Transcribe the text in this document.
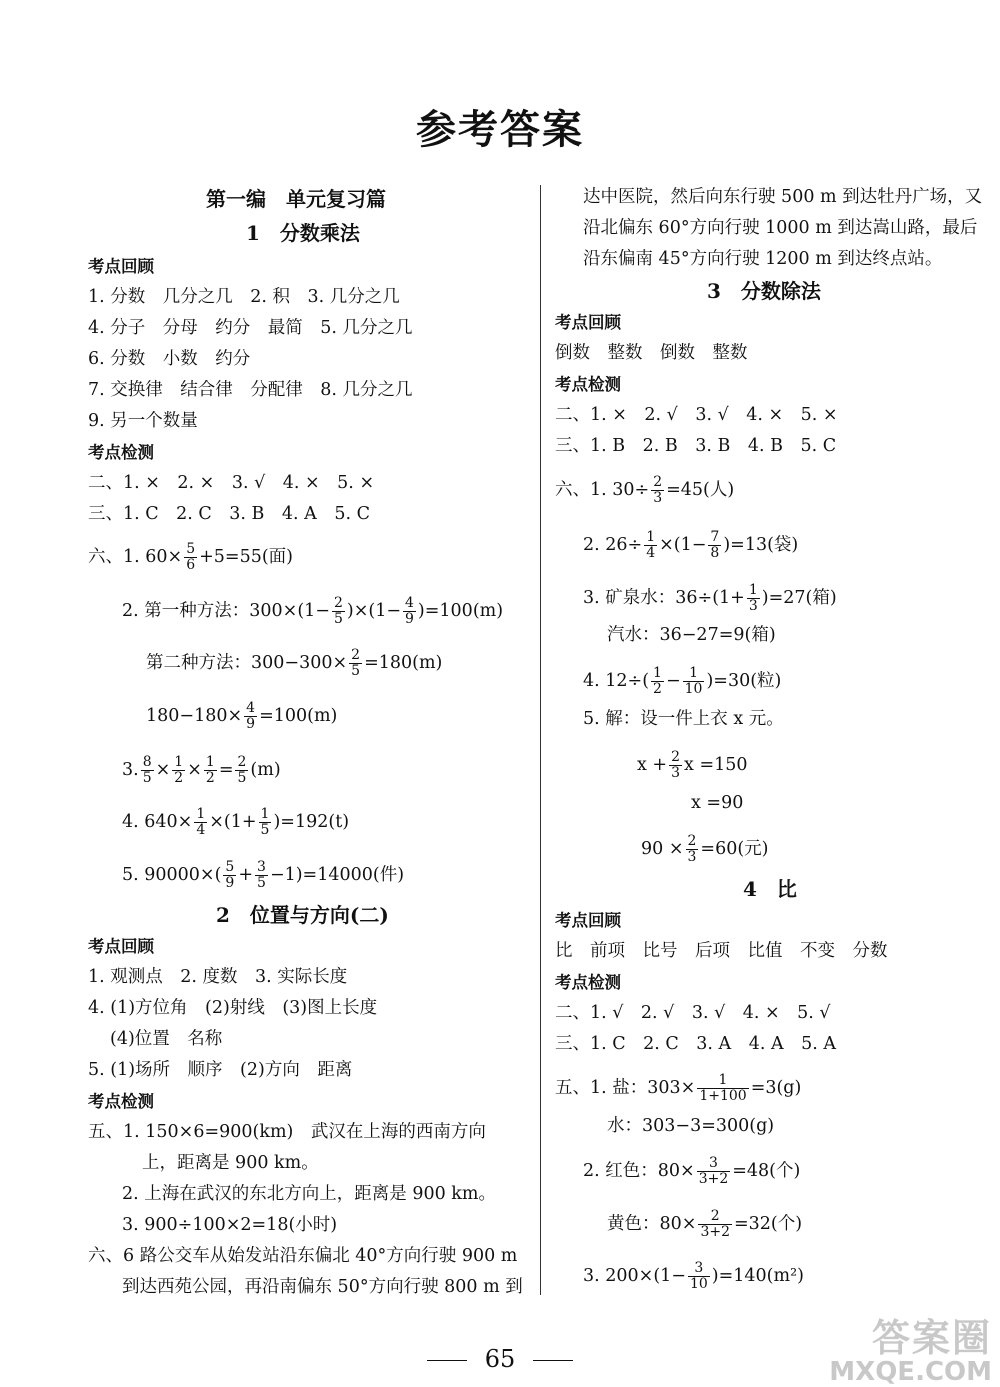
参考答案
第一编　单元复习篇
1　分数乘法
考点回顾
1. 分数　几分之几　2. 积　3. 几分之几
4. 分子　分母　约分　最简　5. 几分之几
6. 分数　小数　约分
7. 交换律　结合律　分配律　8. 几分之几
9. 另一个数量
考点检测
二、1. ×　2. ×　3. √　4. ×　5. ×
三、1. C　2. C　3. B　4. A　5. C
六、1. $60\times \frac{5}{6} +5=55$(面)
2. 第一种方法：$300\times(1- \frac{2}{5} )\times(1- \frac{4}{9} )=100(m)$
第二种方法：$300-300\times \frac{2}{5} =180(m)$
$180-180\times \frac{4}{9} =100(m)$
3. $\frac{8}{5} \times \frac{1}{2} \times \frac{1}{2} = \frac{2}{5} (m)$
4. $640\times \frac{1}{4} \times(1+ \frac{1}{5} )=192(t)$
5. $90000\times( \frac{5}{9} + \frac{3}{5} -1)=14000$(件)
2　位置与方向(二)
考点回顾
1. 观测点　2. 度数　3. 实际长度
4. (1)方位角　(2)射线　(3)图上长度
(4)位置　名称
5. (1)场所　顺序　(2)方向　距离
考点检测
五、1. 150×6=900(km)　武汉在上海的西南方向
上，距离是 900 km。
2. 上海在武汉的东北方向上，距离是 900 km。
3. 900÷100×2=18(小时)
六、6 路公交车从始发站沿东偏北 40°方向行驶 900 m
到达西苑公园，再沿南偏东 50°方向行驶 800 m 到
达中医院，然后向东行驶 500 m 到达牡丹广场，又
沿北偏东 60°方向行驶 1000 m 到达嵩山路，最后
沿东偏南 45°方向行驶 1200 m 到达终点站。
3　分数除法
考点回顾
倒数　整数　倒数　整数
考点检测
二、1. ×　2. √　3. √　4. ×　5. ×
三、1. B　2. B　3. B　4. B　5. C
六、1. $30\div \frac{2}{3} =45$(人)
2. $26\div \frac{1}{4} \times(1- \frac{7}{8} )=13$(袋)
3. 矿泉水：$36\div(1+ \frac{1}{3} )=27$(箱)
汽水：36−27=9(箱)
4. $12\div( \frac{1}{2} - \frac{1}{10} )=30$(粒)
5. 解：设一件上衣 x 元。
$x + \frac{2}{3}$ x =150
x =90
$90 \times \frac{2}{3} =60$(元)
4　比
考点回顾
比　前项　比号　后项　比值　不变　分数
考点检测
二、1. √　2. √　3. √　4. ×　5. √
三、1. C　2. C　3. A　4. A　5. A
五、1. 盐：$303\times \frac{1}{1+100} =3(g)$
水：303−3=300(g)
2. 红色：$80\times \frac{3}{3+2} =48$(个)
黄色：$80\times \frac{2}{3+2} =32$(个)
3. $200\times(1- \frac{3}{10} )=140(m^2)$
65	答案圈
MXQE.COM
